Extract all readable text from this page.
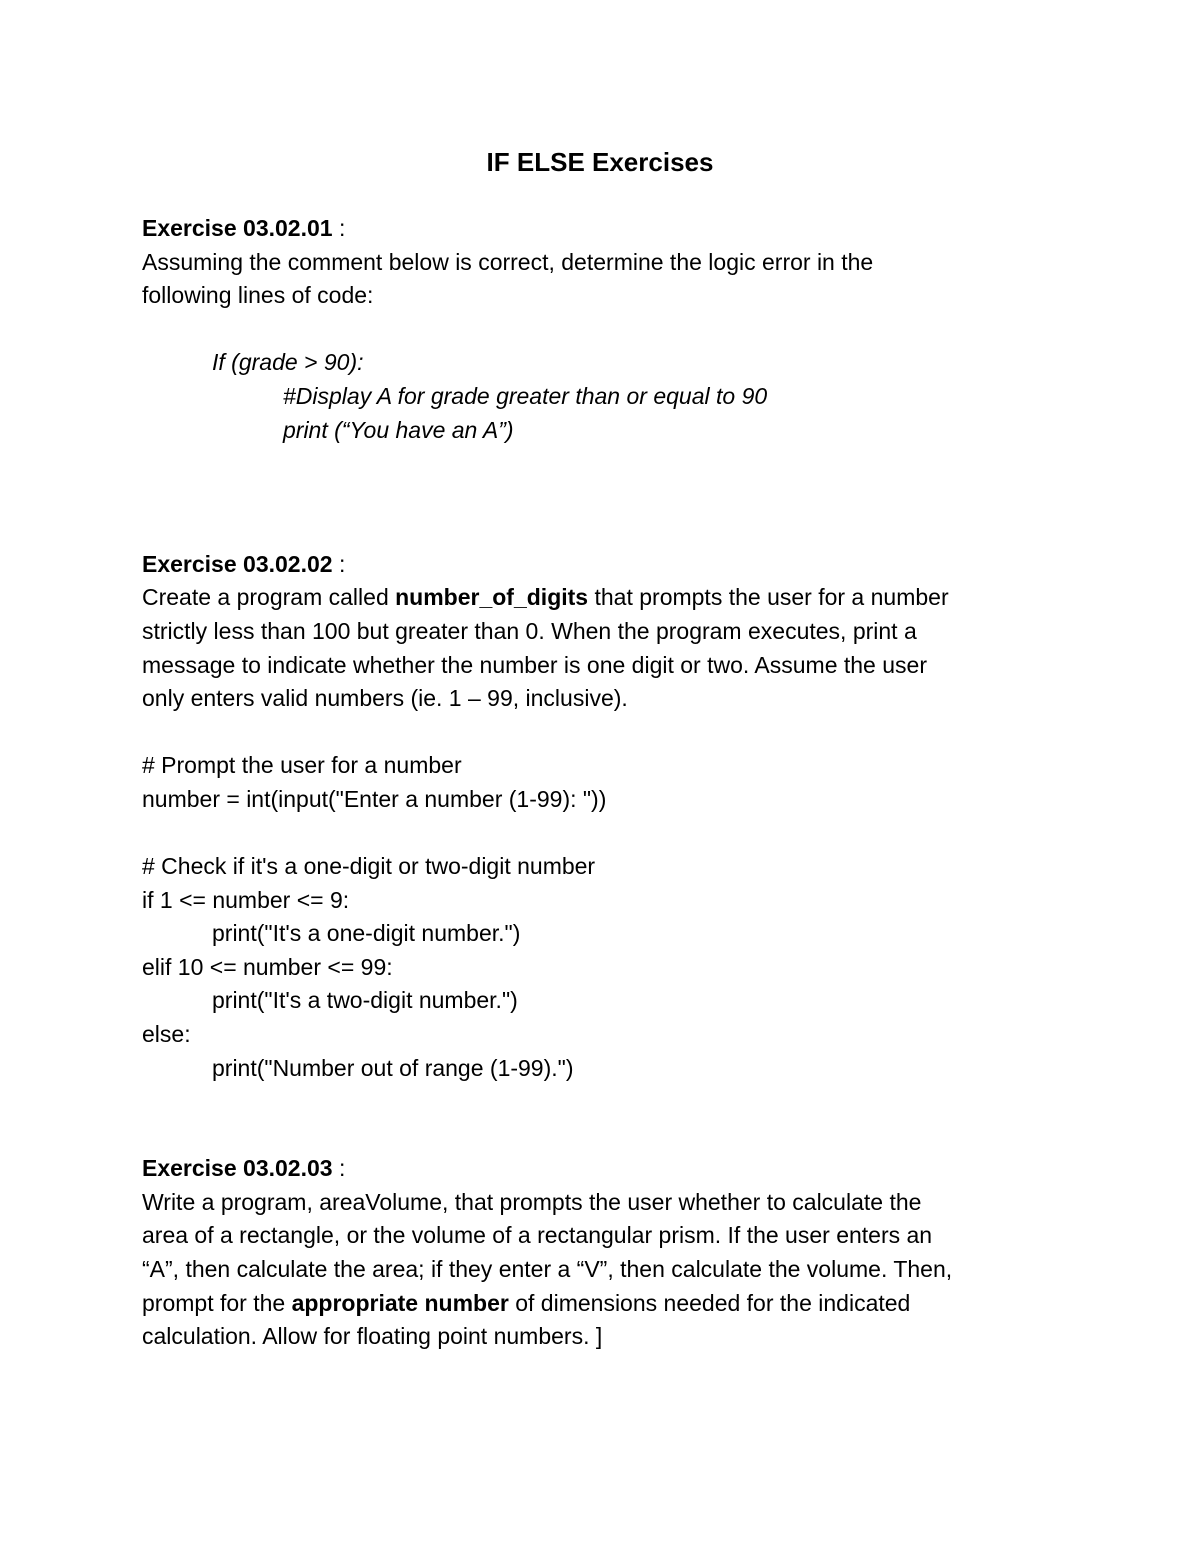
IF ELSE Exercises
Exercise 03.02.01 :
Assuming the comment below is correct, determine the logic error in the
following lines of code:
If (grade > 90):
#Display A for grade greater than or equal to 90
print (“You have an A”)
Exercise 03.02.02 :
Create a program called number_of_digits that prompts the user for a number
strictly less than 100 but greater than 0. When the program executes, print a
message to indicate whether the number is one digit or two. Assume the user
only enters valid numbers (ie. 1 – 99, inclusive).
# Prompt the user for a number
number = int(input("Enter a number (1-99): "))
# Check if it's a one-digit or two-digit number
if 1 <= number <= 9:
print("It's a one-digit number.")
elif 10 <= number <= 99:
print("It's a two-digit number.")
else:
print("Number out of range (1-99).")
Exercise 03.02.03 :
Write a program, areaVolume, that prompts the user whether to calculate the
area of a rectangle, or the volume of a rectangular prism. If the user enters an
“A”, then calculate the area; if they enter a “V”, then calculate the volume. Then,
prompt for the appropriate number of dimensions needed for the indicated
calculation. Allow for floating point numbers. ]
